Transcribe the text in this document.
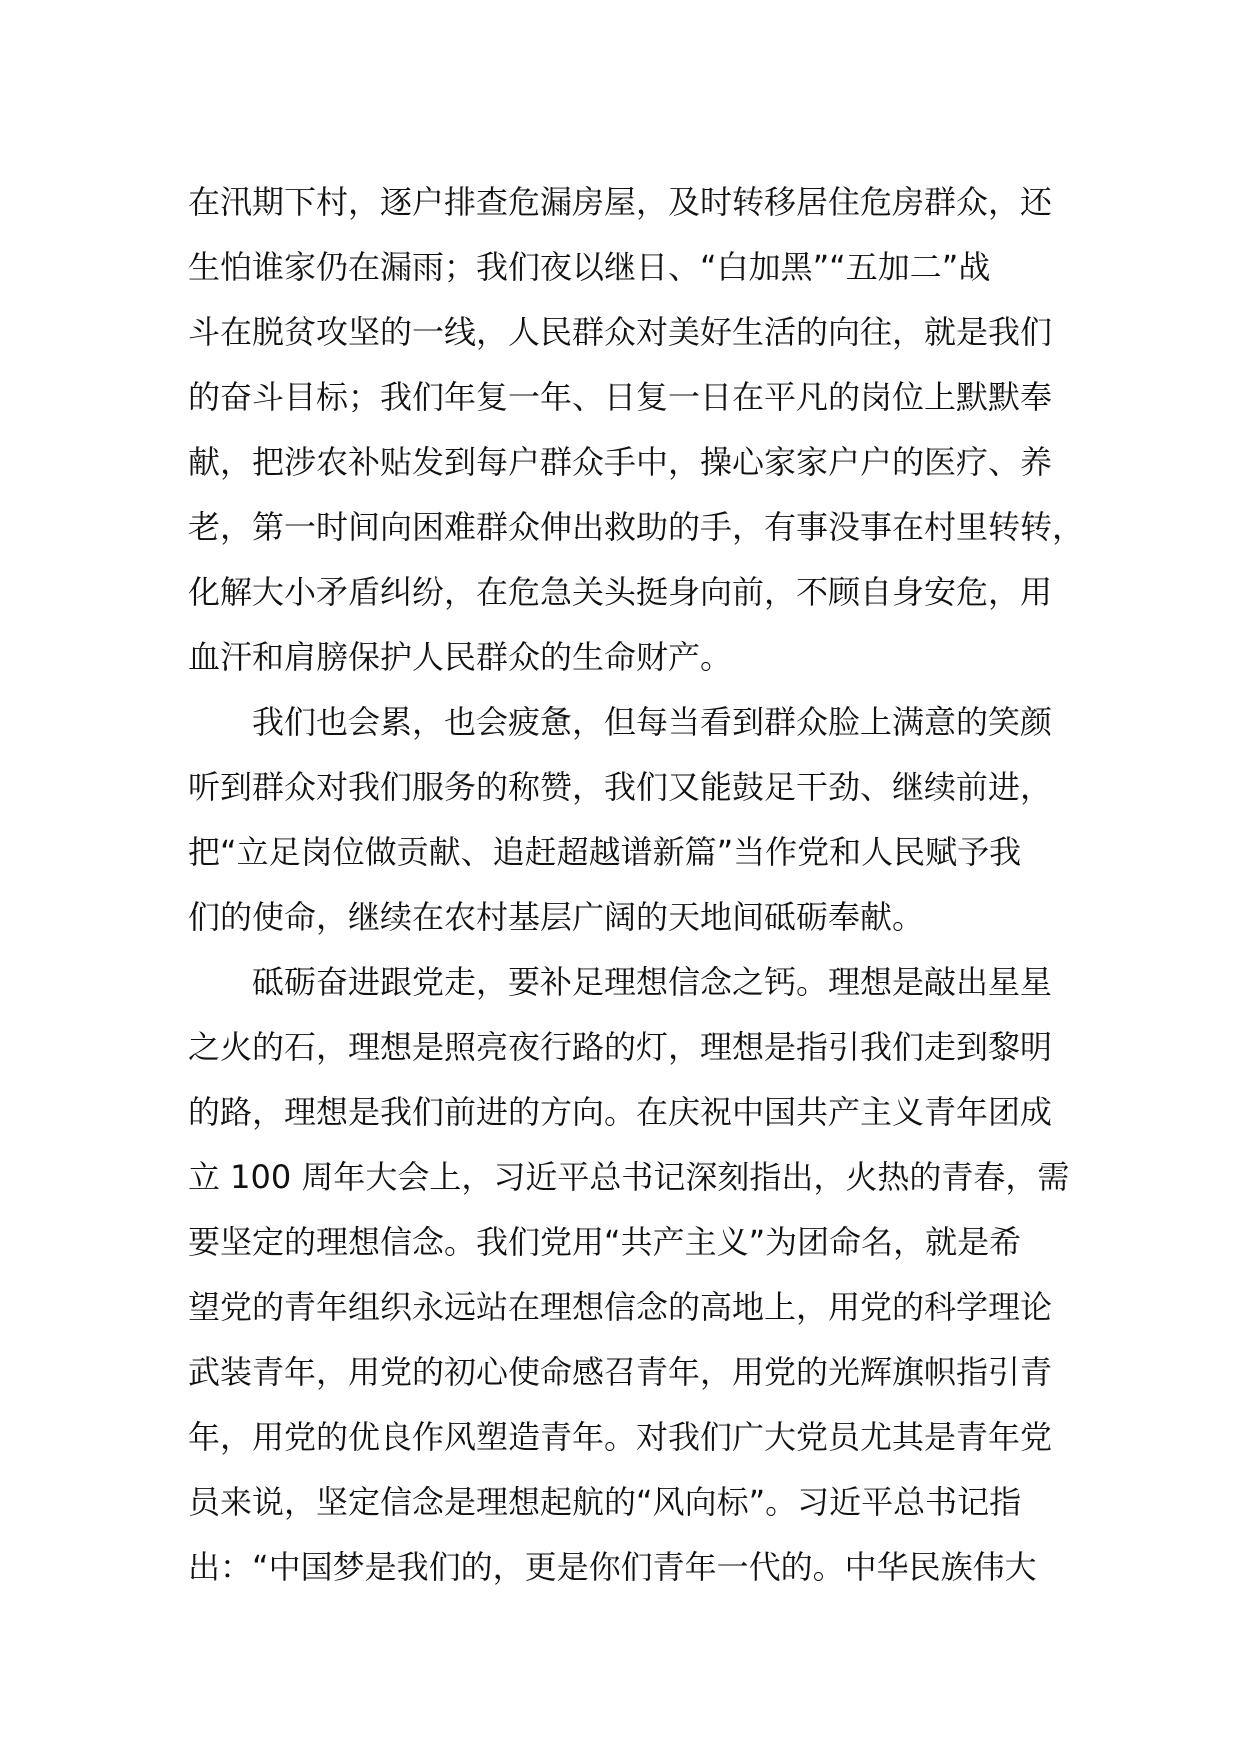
在汛期下村，逐户排查危漏房屋，及时转移居住危房群众，还
生怕谁家仍在漏雨；我们夜以继日、“白加黑”“五加二”战
斗在脱贫攻坚的一线，人民群众对美好生活的向往，就是我们
的奋斗目标；我们年复一年、日复一日在平凡的岗位上默默奉
献，把涉农补贴发到每户群众手中，操心家家户户的医疗、养
老，第一时间向困难群众伸出救助的手，有事没事在村里转转，
化解大小矛盾纠纷，在危急关头挺身向前，不顾自身安危，用
血汗和肩膀保护人民群众的生命财产。
我们也会累，也会疲惫，但每当看到群众脸上满意的笑颜
听到群众对我们服务的称赞，我们又能鼓足干劲、继续前进，
把“立足岗位做贡献、追赶超越谱新篇”当作党和人民赋予我
们的使命，继续在农村基层广阔的天地间砥砺奉献。
砥砺奋进跟党走，要补足理想信念之钙。理想是敲出星星
之火的石，理想是照亮夜行路的灯，理想是指引我们走到黎明
的路，理想是我们前进的方向。在庆祝中国共产主义青年团成
立 100 周年大会上，习近平总书记深刻指出，火热的青春，需
要坚定的理想信念。我们党用“共产主义”为团命名，就是希
望党的青年组织永远站在理想信念的高地上，用党的科学理论
武装青年，用党的初心使命感召青年，用党的光辉旗帜指引青
年，用党的优良作风塑造青年。对我们广大党员尤其是青年党
员来说，坚定信念是理想起航的“风向标”。习近平总书记指
出：“中国梦是我们的，更是你们青年一代的。中华民族伟大
